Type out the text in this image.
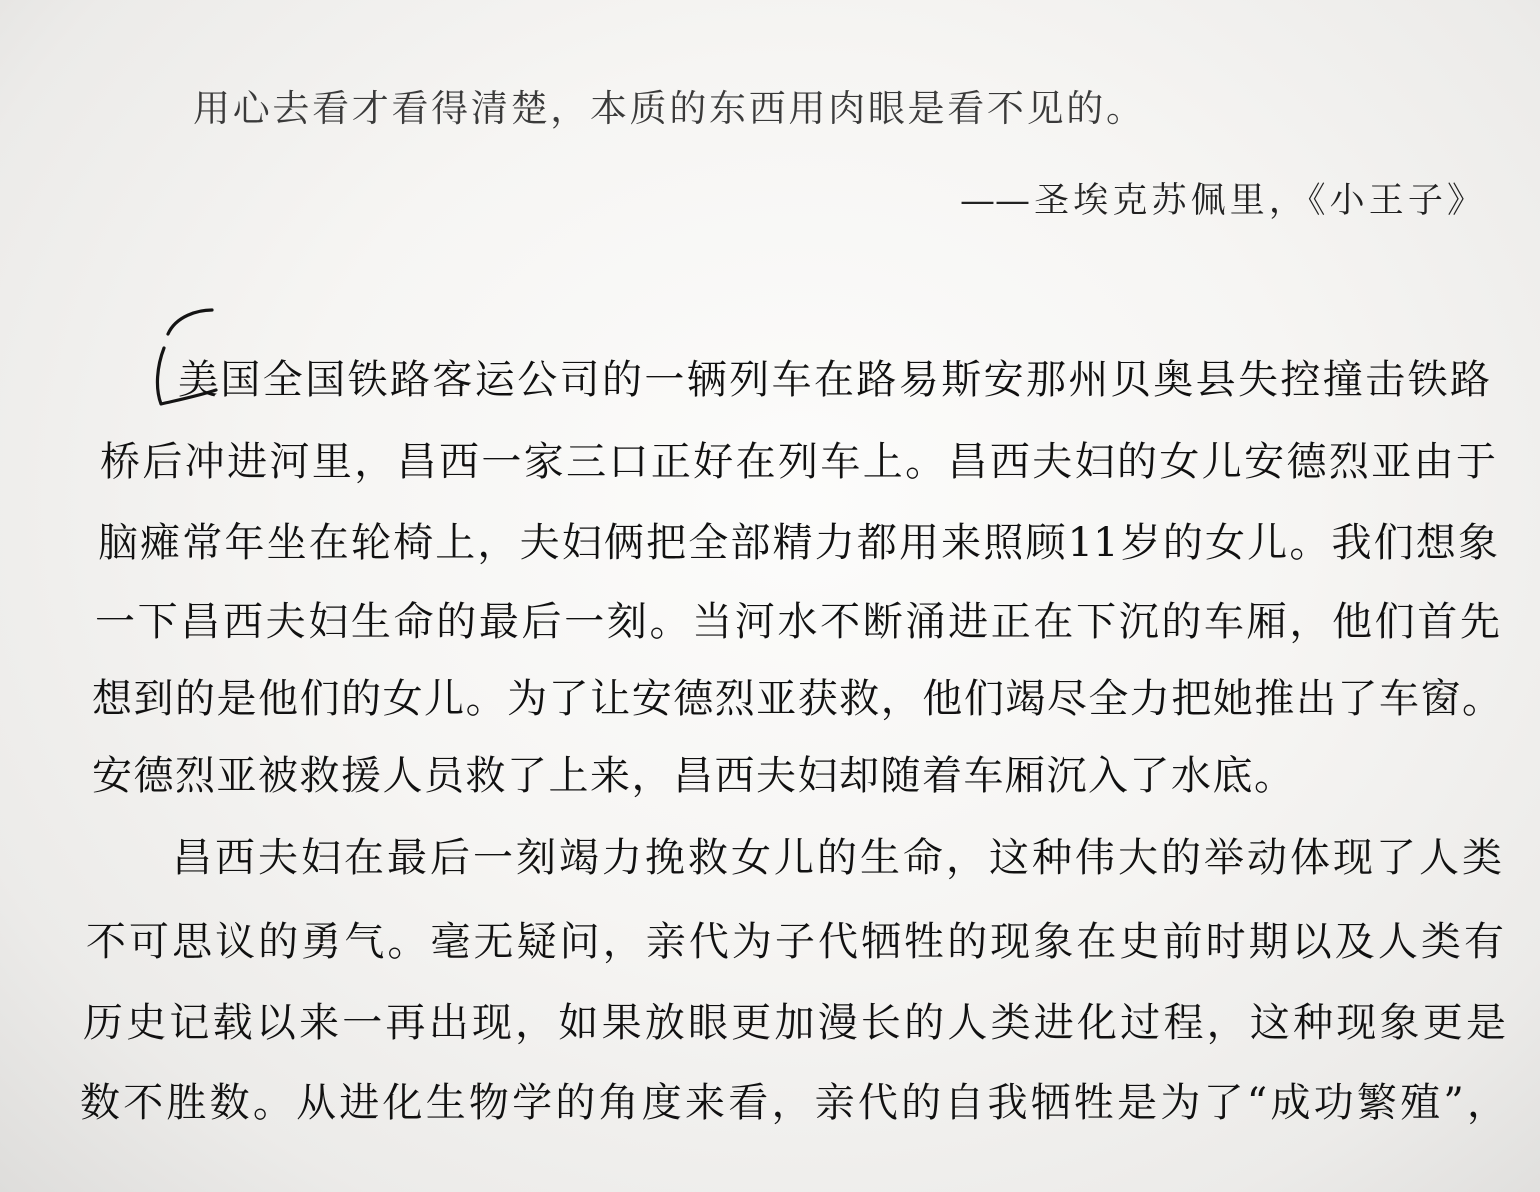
用心去看才看得清楚，本质的东西用肉眼是看不见的。
——圣埃克苏佩里，《小王子》
美国全国铁路客运公司的一辆列车在路易斯安那州贝奥县失控撞击铁路
桥后冲进河里，昌西一家三口正好在列车上。昌西夫妇的女儿安德烈亚由于
脑瘫常年坐在轮椅上，夫妇俩把全部精力都用来照顾11岁的女儿。我们想象
一下昌西夫妇生命的最后一刻。当河水不断涌进正在下沉的车厢，他们首先
想到的是他们的女儿。为了让安德烈亚获救，他们竭尽全力把她推出了车窗。
安德烈亚被救援人员救了上来，昌西夫妇却随着车厢沉入了水底。
昌西夫妇在最后一刻竭力挽救女儿的生命，这种伟大的举动体现了人类
不可思议的勇气。毫无疑问，亲代为子代牺牲的现象在史前时期以及人类有
历史记载以来一再出现，如果放眼更加漫长的人类进化过程，这种现象更是
数不胜数。从进化生物学的角度来看，亲代的自我牺牲是为了“成功繁殖”，
